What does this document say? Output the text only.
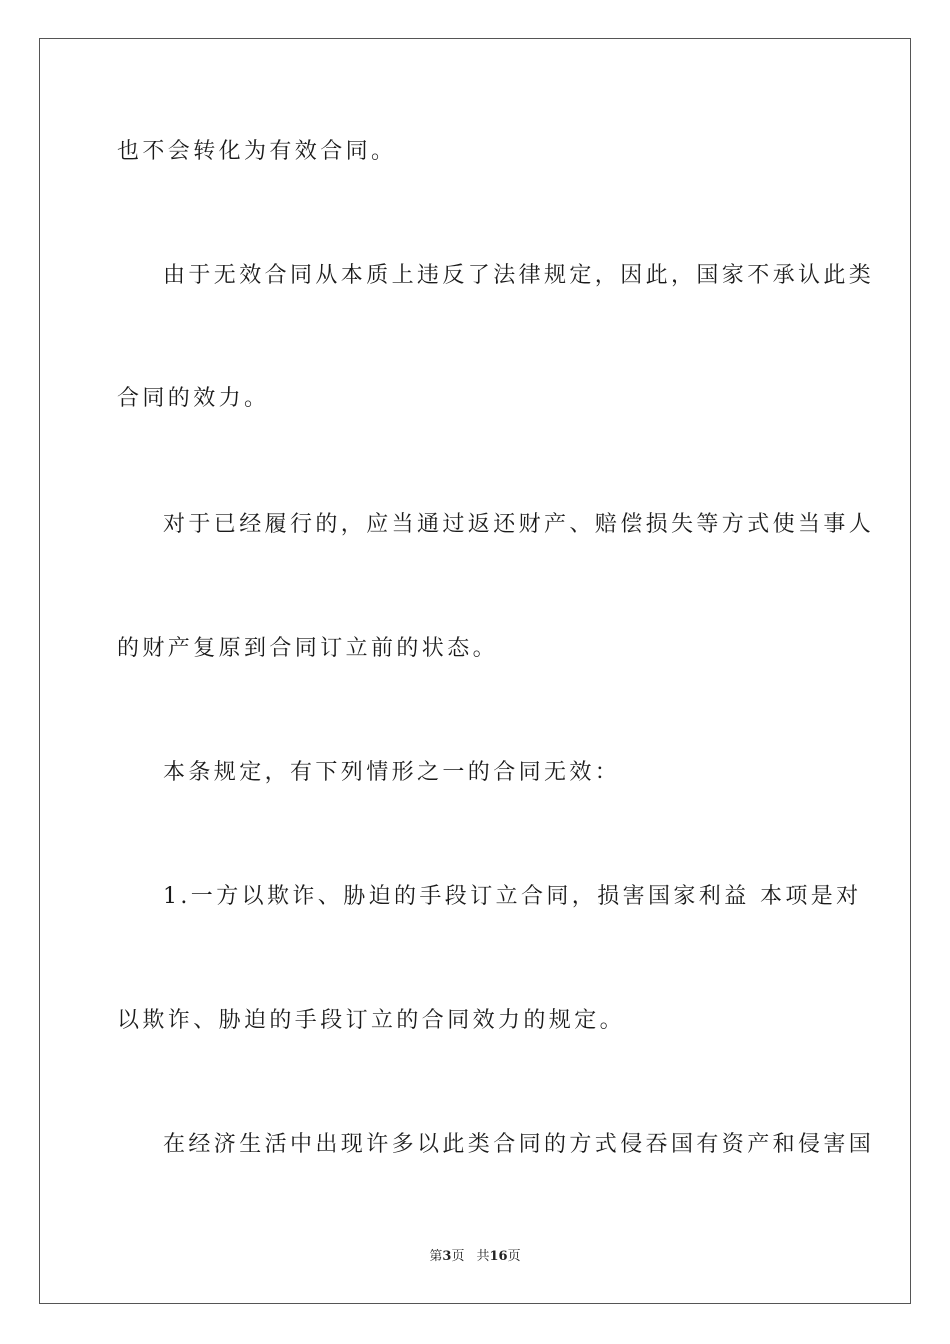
也不会转化为有效合同。
由于无效合同从本质上违反了法律规定，因此，国家不承认此类
合同的效力。
对于已经履行的，应当通过返还财产、赔偿损失等方式使当事人
的财产复原到合同订立前的状态。
本条规定，有下列情形之一的合同无效：
1.一方以欺诈、胁迫的手段订立合同，损害国家利益 本项是对
以欺诈、胁迫的手段订立的合同效力的规定。
在经济生活中出现许多以此类合同的方式侵吞国有资产和侵害国
第3页 共16页
